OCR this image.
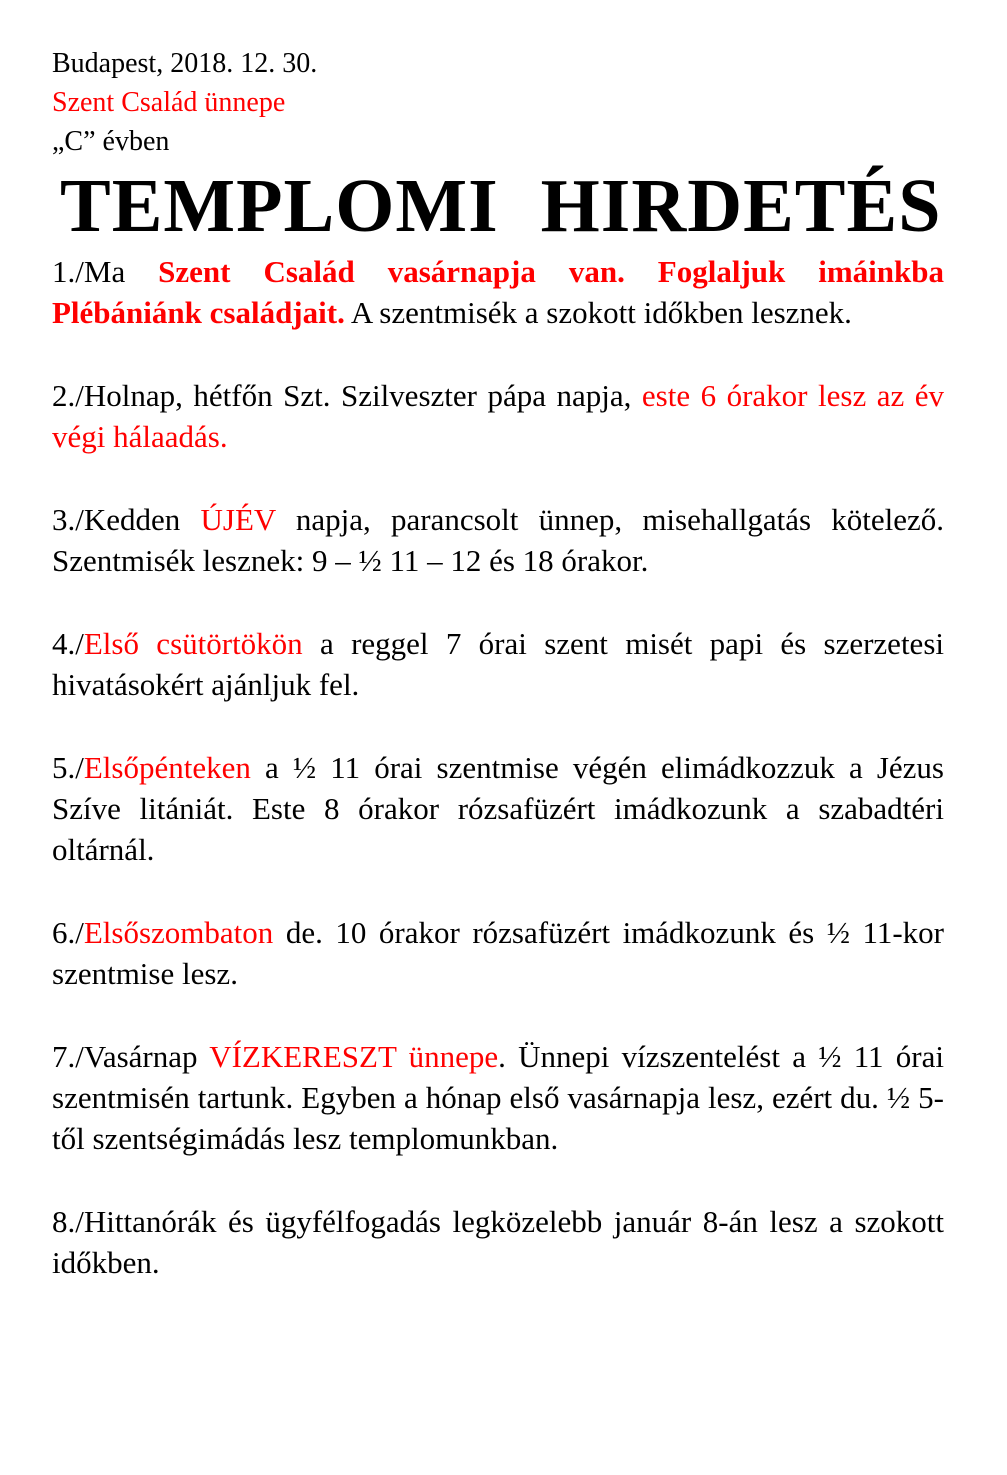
Budapest, 2018. 12. 30.

Szent Család ünnepe

„C” évben

TEMPLOMI HIRDETÉS

1./Ma Szent Család vasárnapja van. Foglaljuk imáinkba Plébániánk családjait. A szentmisék a szokott időkben lesznek.

2./Holnap, hétfőn Szt. Szilveszter pápa napja, este 6 órakor lesz az év végi hálaadás.

3./Kedden ÚJÉV napja, parancsolt ünnep, misehallgatás kötelező. Szentmisék lesznek: 9 – ½ 11 – 12 és 18 órakor.

4./Első csütörtökön a reggel 7 órai szent misét papi és szerzetesi hivatásokért ajánljuk fel.

5./Elsőpénteken a ½ 11 órai szentmise végén elimádkozzuk a Jézus Szíve litániát. Este 8 órakor rózsafüzért imádkozunk a szabadtéri oltárnál.

6./Elsőszombaton de. 10 órakor rózsafüzért imádkozunk és ½ 11-kor szentmise lesz.

7./Vasárnap VÍZKERESZT ünnepe. Ünnepi vízszentelést a ½ 11 órai szentmisén tartunk. Egyben a hónap első vasárnapja lesz, ezért du. ½ 5-től szentségimádás lesz templomunkban.

8./Hittanórák és ügyfélfogadás legközelebb január 8-án lesz a szokott időkben.
